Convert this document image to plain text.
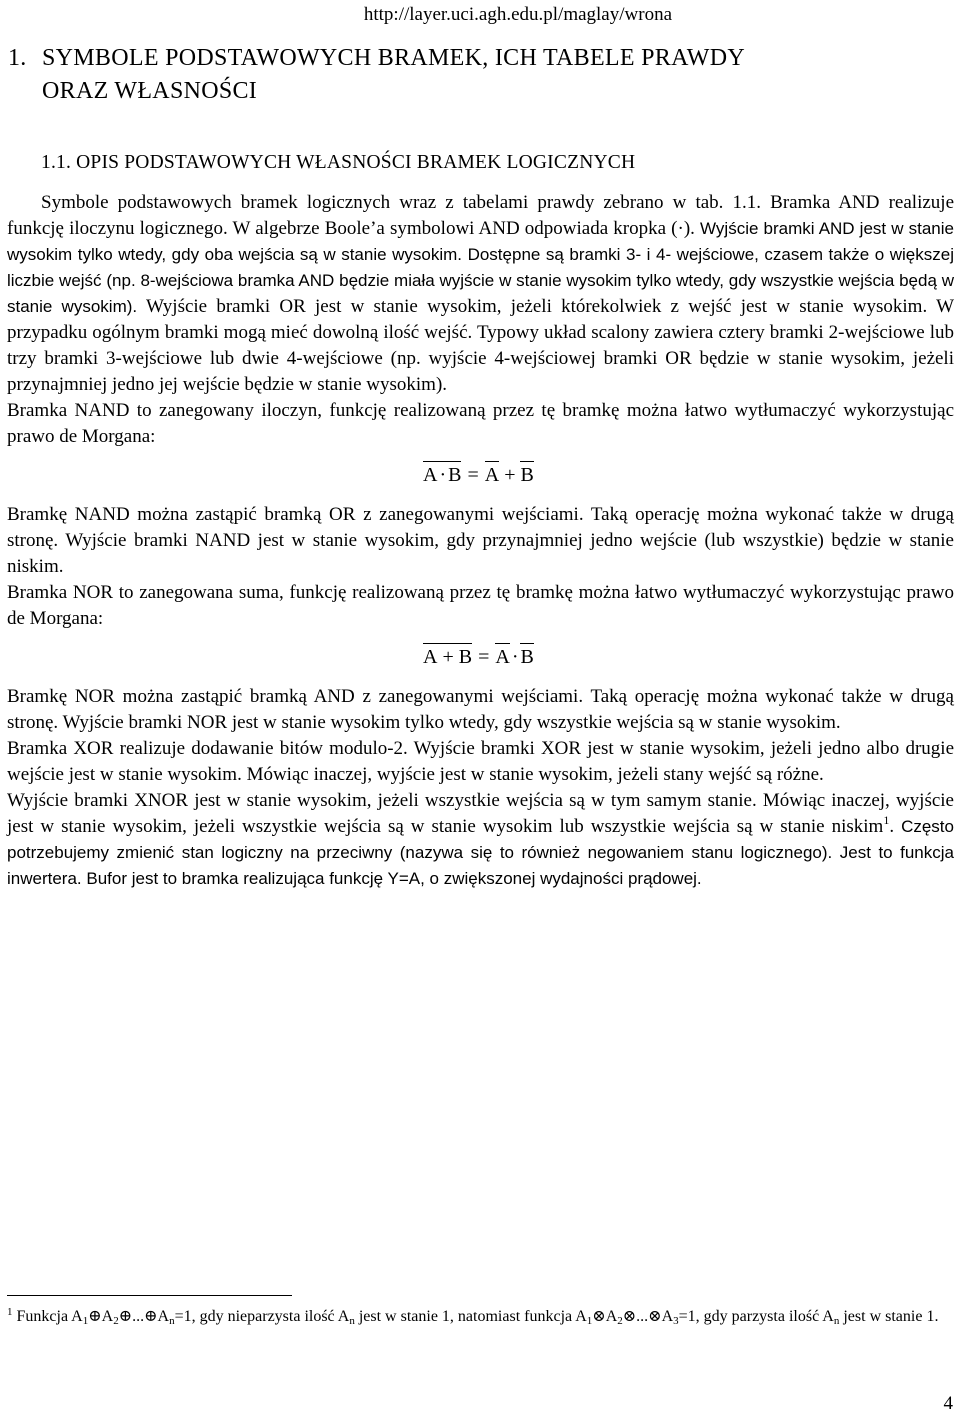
http://layer.uci.agh.edu.pl/maglay/wrona
1. SYMBOLE PODSTAWOWYCH BRAMEK, ICH TABELE PRAWDY
ORAZ WŁASNOŚCI
1.1. OPIS PODSTAWOWYCH WŁASNOŚCI BRAMEK LOGICZNYCH

Symbole podstawowych bramek logicznych wraz z tabelami prawdy zebrano w tab. 1.1. Bramka AND realizuje funkcję iloczynu logicznego. W algebrze Boole’a symbolowi AND odpowiada kropka (·). Wyjście bramki AND jest w stanie wysokim tylko wtedy, gdy oba wejścia są w stanie wysokim. Dostępne są bramki 3- i 4- wejściowe, czasem także o większej liczbie wejść (np. 8-wejściowa bramka AND będzie miała wyjście w stanie wysokim tylko wtedy, gdy wszystkie wejścia będą w stanie wysokim). Wyjście bramki OR jest w stanie wysokim, jeżeli którekolwiek z wejść jest w stanie wysokim. W przypadku ogólnym bramki mogą mieć dowolną ilość wejść. Typowy układ scalony zawiera cztery bramki 2-wejściowe lub trzy bramki 3-wejściowe lub dwie 4-wejściowe (np. wyjście 4-wejściowej bramki OR będzie w stanie wysokim, jeżeli przynajmniej jedno jej wejście będzie w stanie wysokim).

Bramka NAND to zanegowany iloczyn, funkcję realizowaną przez tę bramkę można łatwo wytłumaczyć wykorzystując prawo de Morgana:

A · B = A + B

Bramkę NAND można zastąpić bramką OR z zanegowanymi wejściami. Taką operację można wykonać także w drugą stronę. Wyjście bramki NAND jest w stanie wysokim, gdy przynajmniej jedno wejście (lub wszystkie) będzie w stanie niskim.

Bramka NOR to zanegowana suma, funkcję realizowaną przez tę bramkę można łatwo wytłumaczyć wykorzystując prawo de Morgana:

A + B = A · B

Bramkę NOR można zastąpić bramką AND z zanegowanymi wejściami. Taką operację można wykonać także w drugą stronę. Wyjście bramki NOR jest w stanie wysokim tylko wtedy, gdy wszystkie wejścia są w stanie wysokim.

Bramka XOR realizuje dodawanie bitów modulo-2. Wyjście bramki XOR jest w stanie wysokim, jeżeli jedno albo drugie wejście jest w stanie wysokim. Mówiąc inaczej, wyjście jest w stanie wysokim, jeżeli stany wejść są różne.

Wyjście bramki XNOR jest w stanie wysokim, jeżeli wszystkie wejścia są w tym samym stanie. Mówiąc inaczej, wyjście jest w stanie wysokim, jeżeli wszystkie wejścia są w stanie wysokim lub wszystkie wejścia są w stanie niskim$^1$. Często potrzebujemy zmienić stan logiczny na przeciwny (nazywa się to również negowaniem stanu logicznego). Jest to funkcja inwertera. Bufor jest to bramka realizująca funkcję Y=A, o zwiększonej wydajności prądowej.

$^1$ Funkcja $A_1\oplus A_2\oplus...\oplus A_n=1$, gdy nieparzysta ilość $A_n$ jest w stanie 1, natomiast funkcja $A_1\otimes A_2\otimes...\otimes A_3=1$, gdy parzysta ilość $A_n$ jest w stanie 1.
4
